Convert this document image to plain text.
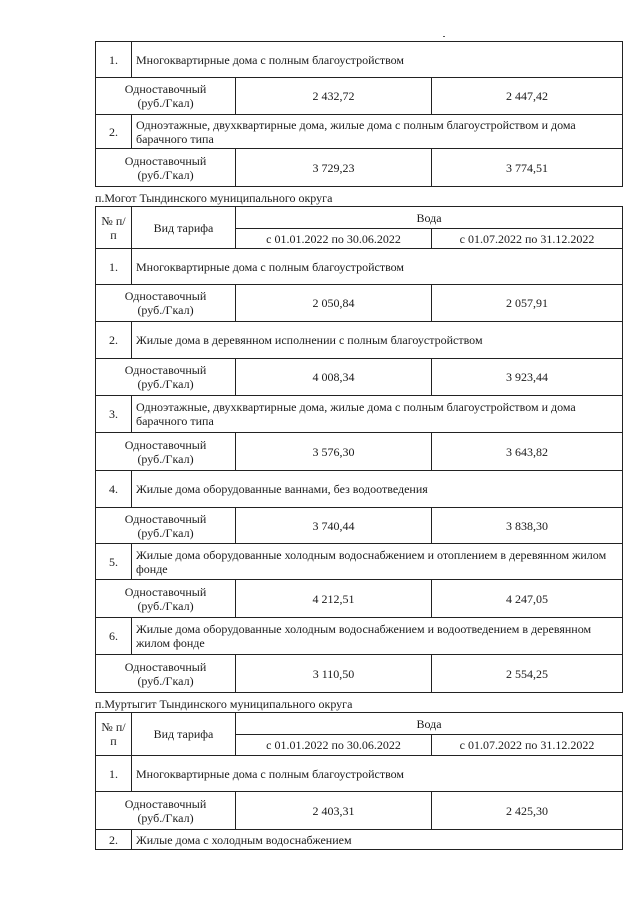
1.	Многоквартирные дома с полным благоустройством		
Одноставочный
(руб./Гкал)		2 432,72	2 447,42
2.	Одноэтажные, двухквартирные дома, жилые дома с полным благоустройством и дома барачного типа		
Одноставочный
(руб./Гкал)		3 729,23	3 774,51
п.Могот Тындинского муниципального округа
№ п/п	Вид тарифа	Вода	
		с 01.01.2022 по 30.06.2022	с 01.07.2022 по 31.12.2022
1.	Многоквартирные дома с полным благоустройством		
Одноставочный
(руб./Гкал)		2 050,84	2 057,91
2.	Жилые дома в деревянном исполнении с полным благоустройством		
Одноставочный
(руб./Гкал)		4 008,34	3 923,44
3.	Одноэтажные, двухквартирные дома, жилые дома с полным благоустройством и дома барачного типа		
Одноставочный
(руб./Гкал)		3 576,30	3 643,82
4.	Жилые дома оборудованные ваннами, без водоотведения		
Одноставочный
(руб./Гкал)		3 740,44	3 838,30
5.	Жилые дома оборудованные холодным водоснабжением и отоплением в деревянном жилом фонде		
Одноставочный
(руб./Гкал)		4 212,51	4 247,05
6.	Жилые дома оборудованные холодным водоснабжением и водоотведением в деревянном жилом фонде		
Одноставочный
(руб./Гкал)		3 110,50	2 554,25
п.Муртыгит Тындинского муниципального округа
№ п/п	Вид тарифа	Вода	
		с 01.01.2022 по 30.06.2022	с 01.07.2022 по 31.12.2022
1.	Многоквартирные дома с полным благоустройством		
Одноставочный
(руб./Гкал)		2 403,31	2 425,30
2.	Жилые дома с холодным водоснабжением		
